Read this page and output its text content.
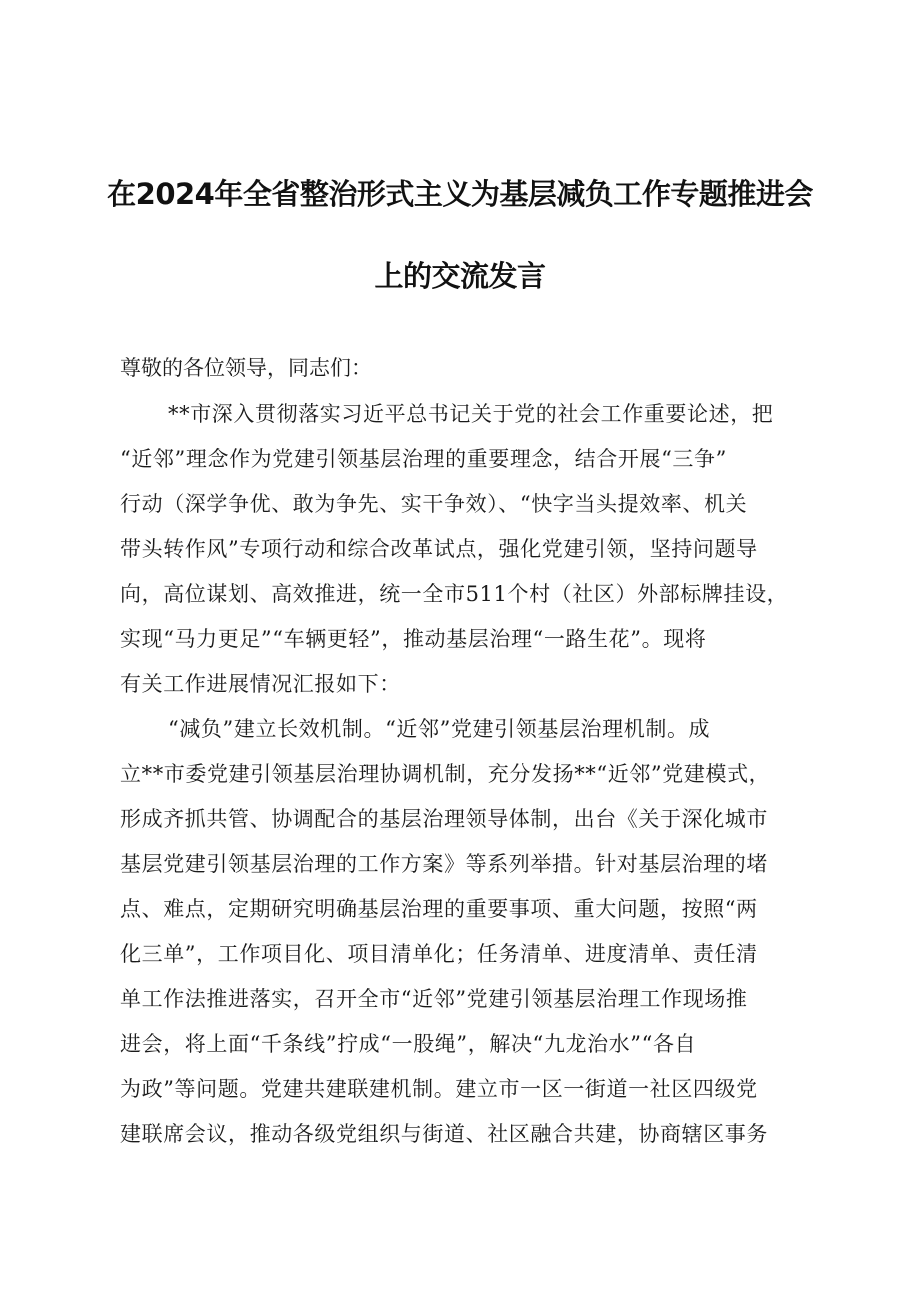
在2024年全省整治形式主义为基层减负工作专题推进会
上的交流发言
尊敬的各位领导，同志们：
**市深入贯彻落实习近平总书记关于党的社会工作重要论述，把
“近邻”理念作为党建引领基层治理的重要理念，结合开展“三争”
行动（深学争优、敢为争先、实干争效）、“快字当头提效率、机关
带头转作风”专项行动和综合改革试点，强化党建引领，坚持问题导
向，高位谋划、高效推进，统一全市511个村（社区）外部标牌挂设，
实现“马力更足”“车辆更轻”，推动基层治理“一路生花”。现将
有关工作进展情况汇报如下：
“减负”建立长效机制。“近邻”党建引领基层治理机制。成
立**市委党建引领基层治理协调机制，充分发扬**“近邻”党建模式，
形成齐抓共管、协调配合的基层治理领导体制，出台《关于深化城市
基层党建引领基层治理的工作方案》等系列举措。针对基层治理的堵
点、难点，定期研究明确基层治理的重要事项、重大问题，按照“两
化三单”，工作项目化、项目清单化；任务清单、进度清单、责任清
单工作法推进落实，召开全市“近邻”党建引领基层治理工作现场推
进会，将上面“千条线”拧成“一股绳”，解决“九龙治水”“各自
为政”等问题。党建共建联建机制。建立市一区一街道一社区四级党
建联席会议，推动各级党组织与街道、社区融合共建，协商辖区事务
